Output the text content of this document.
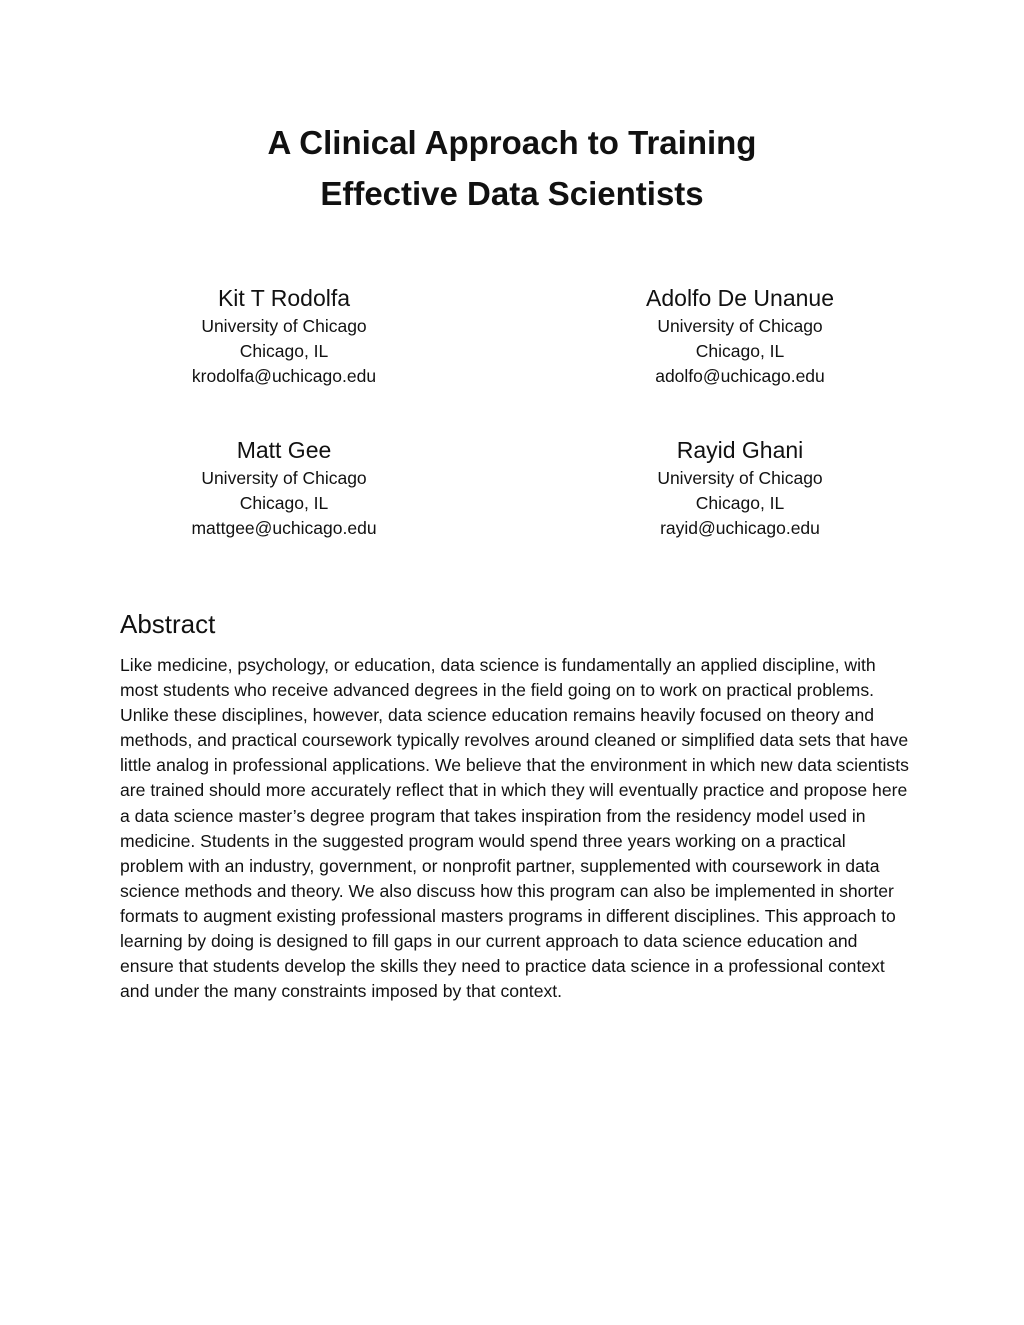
A Clinical Approach to Training
Effective Data Scientists
Kit T Rodolfa
University of Chicago
Chicago, IL
krodolfa@uchicago.edu
Adolfo De Unanue
University of Chicago
Chicago, IL
adolfo@uchicago.edu
Matt Gee
University of Chicago
Chicago, IL
mattgee@uchicago.edu
Rayid Ghani
University of Chicago
Chicago, IL
rayid@uchicago.edu
Abstract

Like medicine, psychology, or education, data science is fundamentally an applied discipline, with most students who receive advanced degrees in the field going on to work on practical problems. Unlike these disciplines, however, data science education remains heavily focused on theory and methods, and practical coursework typically revolves around cleaned or simplified data sets that have little analog in professional applications. We believe that the environment in which new data scientists are trained should more accurately reflect that in which they will eventually practice and propose here a data science master’s degree program that takes inspiration from the residency model used in medicine. Students in the suggested program would spend three years working on a practical problem with an industry, government, or nonprofit partner, supplemented with coursework in data science methods and theory. We also discuss how this program can also be implemented in shorter formats to augment existing professional masters programs in different disciplines. This approach to learning by doing is designed to fill gaps in our current approach to data science education and ensure that students develop the skills they need to practice data science in a professional context and under the many constraints imposed by that context.
